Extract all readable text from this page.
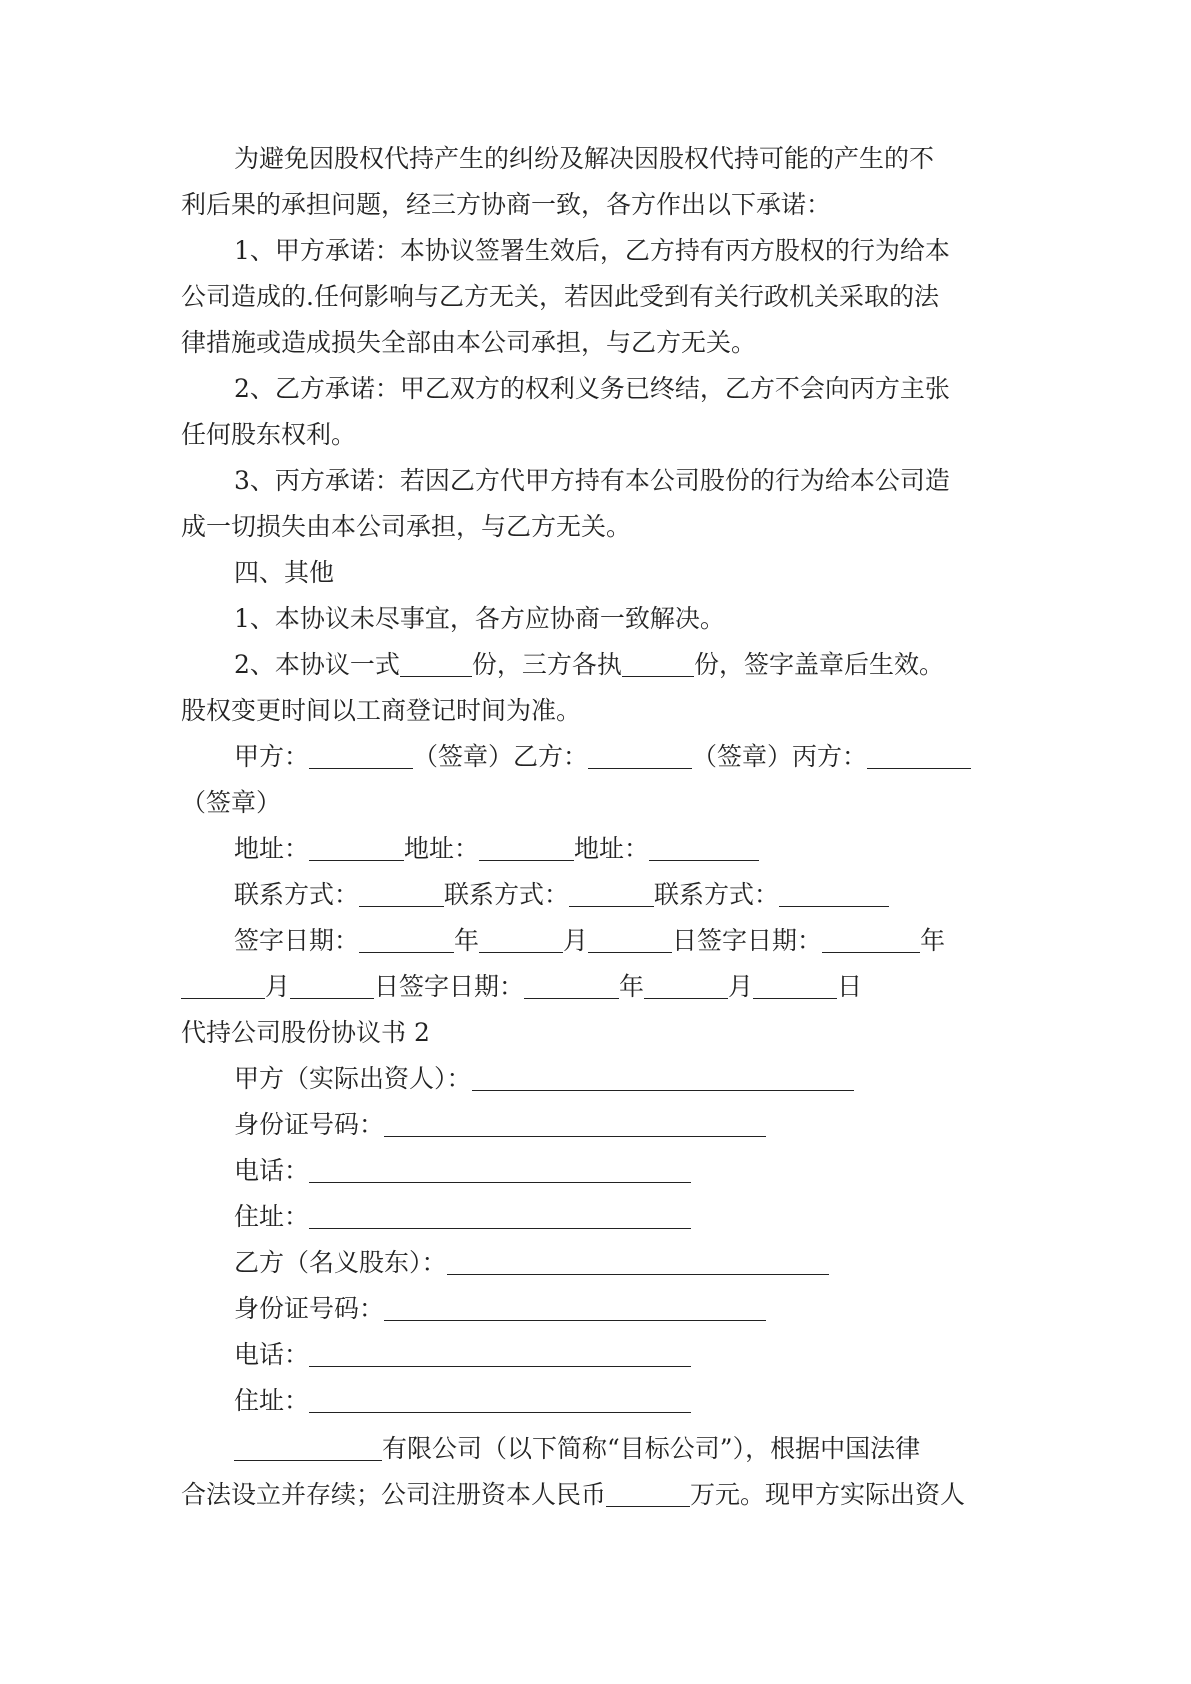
为避免因股权代持产生的纠纷及解决因股权代持可能的产生的不
利后果的承担问题，经三方协商一致，各方作出以下承诺：
1、甲方承诺：本协议签署生效后，乙方持有丙方股权的行为给本
公司造成的.任何影响与乙方无关，若因此受到有关行政机关采取的法
律措施或造成损失全部由本公司承担，与乙方无关。
2、乙方承诺：甲乙双方的权利义务已终结，乙方不会向丙方主张
任何股东权利。
3、丙方承诺：若因乙方代甲方持有本公司股份的行为给本公司造
成一切损失由本公司承担，与乙方无关。
四、其他
1、本协议未尽事宜，各方应协商一致解决。
2、本协议一式	份，三方各执	份，签字盖章后生效。
股权变更时间以工商登记时间为准。
甲方：	（签章）乙方：	（签章）丙方：
（签章）
地址：	地址：	地址：
联系方式：	联系方式：	联系方式：
签字日期：	年	月	日签字日期：	年
月	日签字日期：	年	月	日
代持公司股份协议书 2
甲方（实际出资人）：
身份证号码：
电话：
住址：
乙方（名义股东）：
身份证号码：
电话：
住址：
有限公司（以下简称“目标公司”），根据中国法律
合法设立并存续；公司注册资本人民币	万元。现甲方实际出资人
